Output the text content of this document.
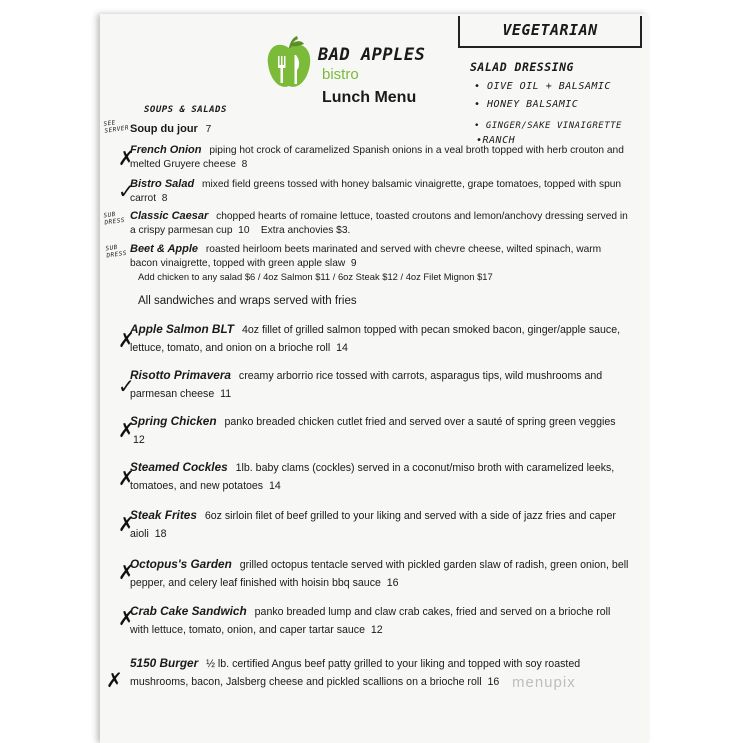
BAD APPLES
bistro
Lunch Menu
VEGETARIAN
SALAD DRESSING
• OIVE OIL + BALSAMIC
• HONEY BALSAMIC
• GINGER/SAKE VINAIGRETTE
•RANCH
SOUPS & SALADS
SEE SERVER
SUB DRESS
SUB DRESS
Soup du jour 7
✗
French Onion piping hot crock of caramelized Spanish onions in a veal broth topped with herb crouton and melted Gruyere cheese 8
✓
Bistro Salad mixed field greens tossed with honey balsamic vinaigrette, grape tomatoes, topped with spun carrot 8
Classic Caesar chopped hearts of romaine lettuce, toasted croutons and lemon/anchovy dressing served in a crispy parmesan cup 10 Extra anchovies $3.
Beet & Apple roasted heirloom beets marinated and served with chevre cheese, wilted spinach, warm bacon vinaigrette, topped with green apple slaw 9
Add chicken to any salad $6 / 4oz Salmon $11 / 6oz Steak $12 / 4oz Filet Mignon $17
All sandwiches and wraps served with fries
✗
Apple Salmon BLT 4oz fillet of grilled salmon topped with pecan smoked bacon, ginger/apple sauce, lettuce, tomato, and onion on a brioche roll 14
✓
Risotto Primavera creamy arborrio rice tossed with carrots, asparagus tips, wild mushrooms and parmesan cheese 11
✗
Spring Chicken panko breaded chicken cutlet fried and served over a sauté of spring green veggies  12
✗
Steamed Cockles 1lb. baby clams (cockles) served in a coconut/miso broth with caramelized leeks, tomatoes, and new potatoes 14
✗
Steak Frites 6oz sirloin filet of beef grilled to your liking and served with a side of jazz fries and caper aioli 18
✗
Octopus's Garden grilled octopus tentacle served with pickled garden slaw of radish, green onion, bell pepper, and celery leaf finished with hoisin bbq sauce 16
✗
Crab Cake Sandwich panko breaded lump and claw crab cakes, fried and served on a brioche roll with lettuce, tomato, onion, and caper tartar sauce 12
✗
5150 Burger ½ lb. certified Angus beef patty grilled to your liking and topped with soy roasted mushrooms, bacon, Jalsberg cheese and pickled scallions on a brioche roll 16 menupix
